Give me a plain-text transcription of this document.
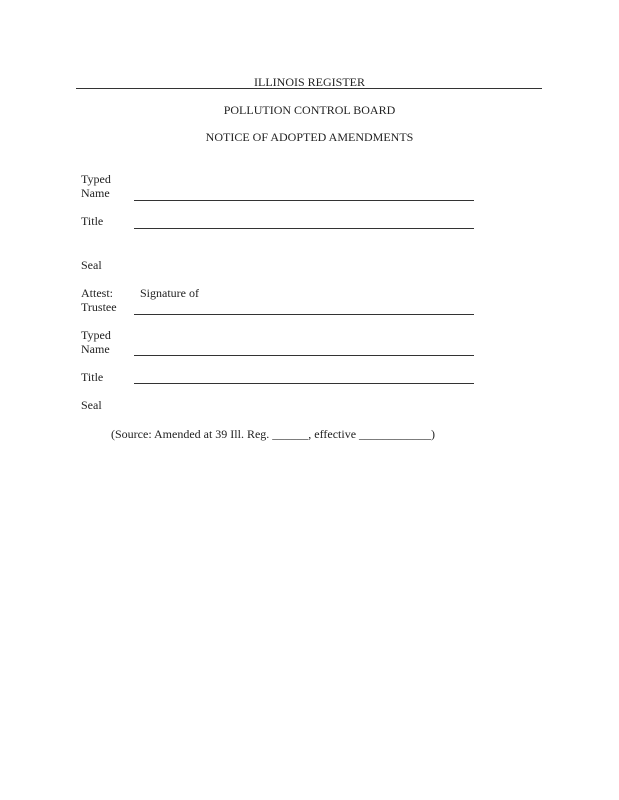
ILLINOIS REGISTER
POLLUTION CONTROL BOARD
NOTICE OF ADOPTED AMENDMENTS
Typed
Name
Title
Seal
Attest:
Trustee
Signature of
Typed
Name
Title
Seal
(Source: Amended at 39 Ill. Reg. ______, effective ____________)
